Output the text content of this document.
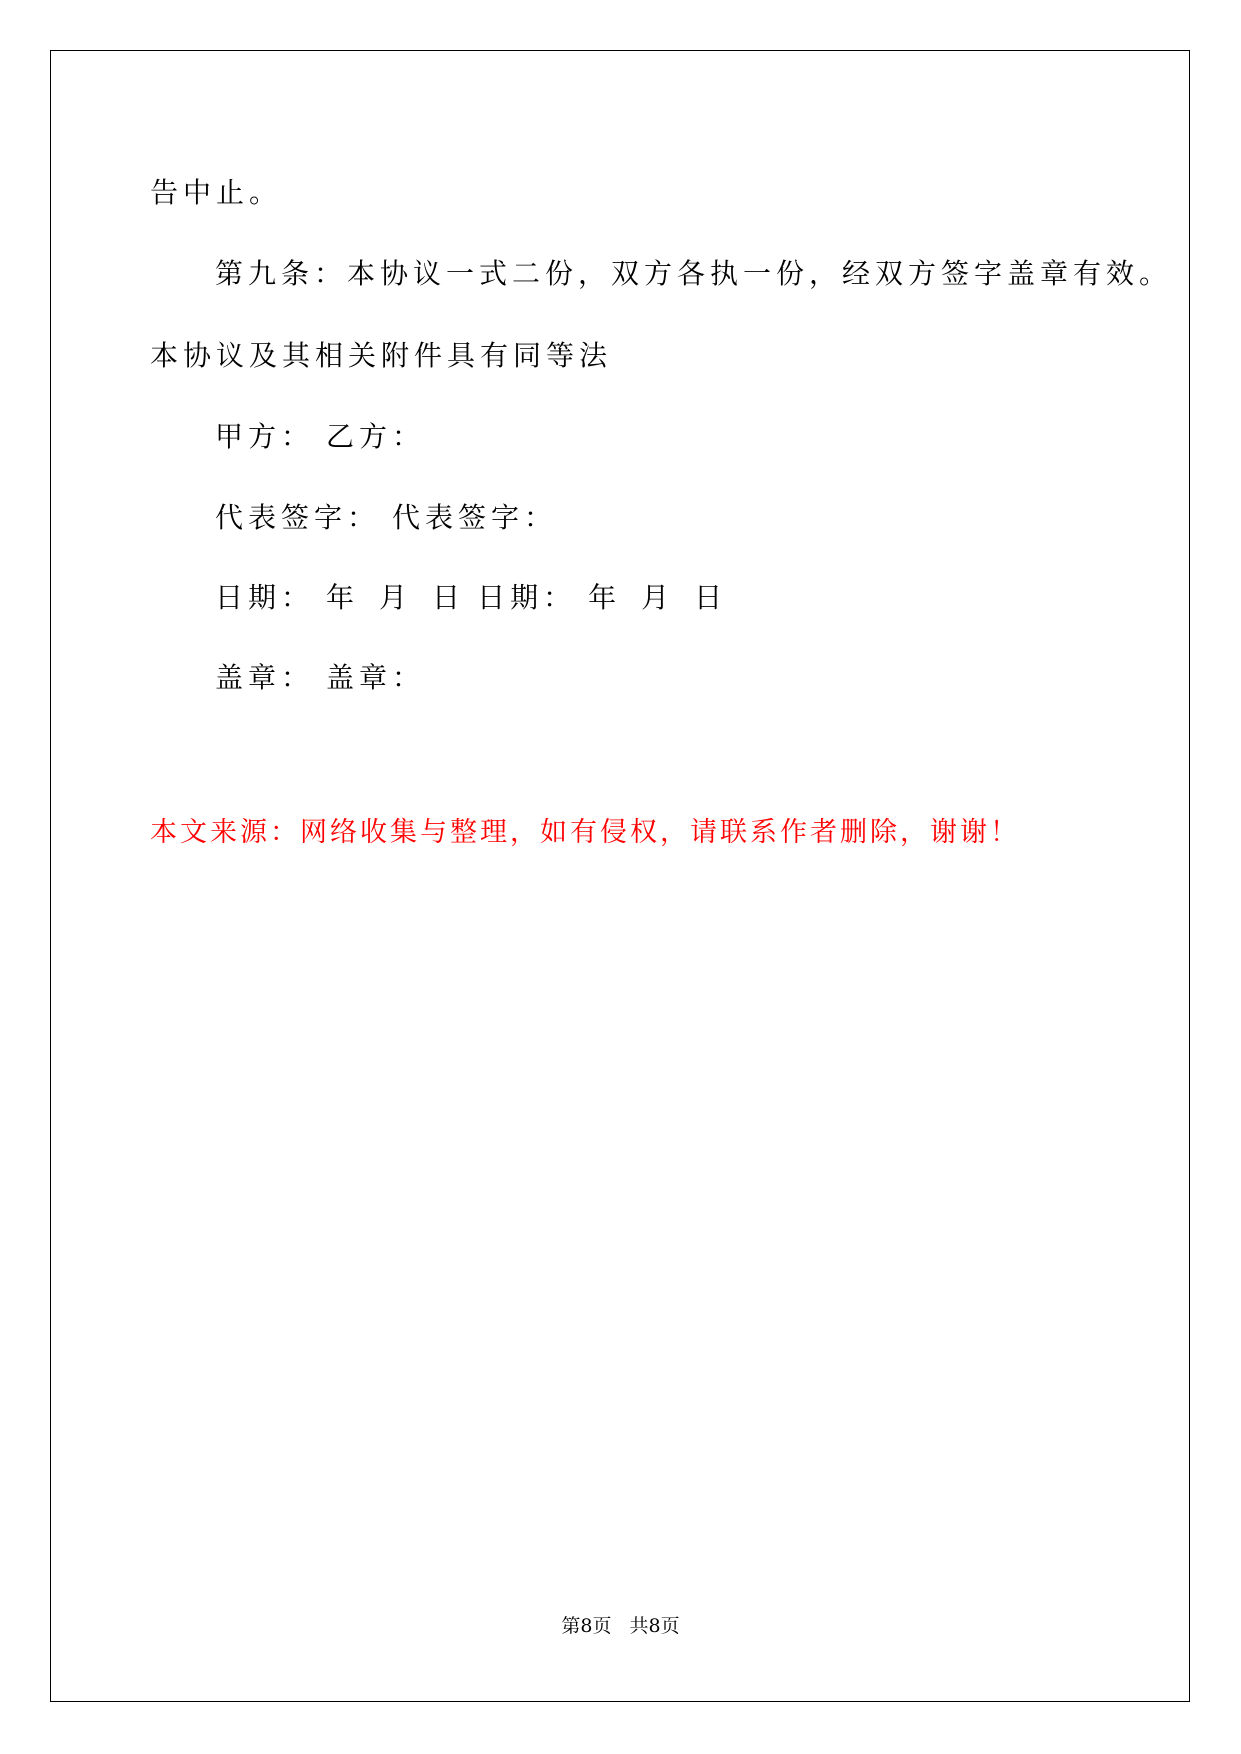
告中止。
第九条：本协议一式二份，双方各执一份，经双方签字盖章有效。
本协议及其相关附件具有同等法
甲方： 乙方：
代表签字： 代表签字：
日期： 年 月 日 日期： 年 月 日
盖章： 盖章：
本文来源：网络收集与整理，如有侵权，请联系作者删除，谢谢！
第8页 共8页
